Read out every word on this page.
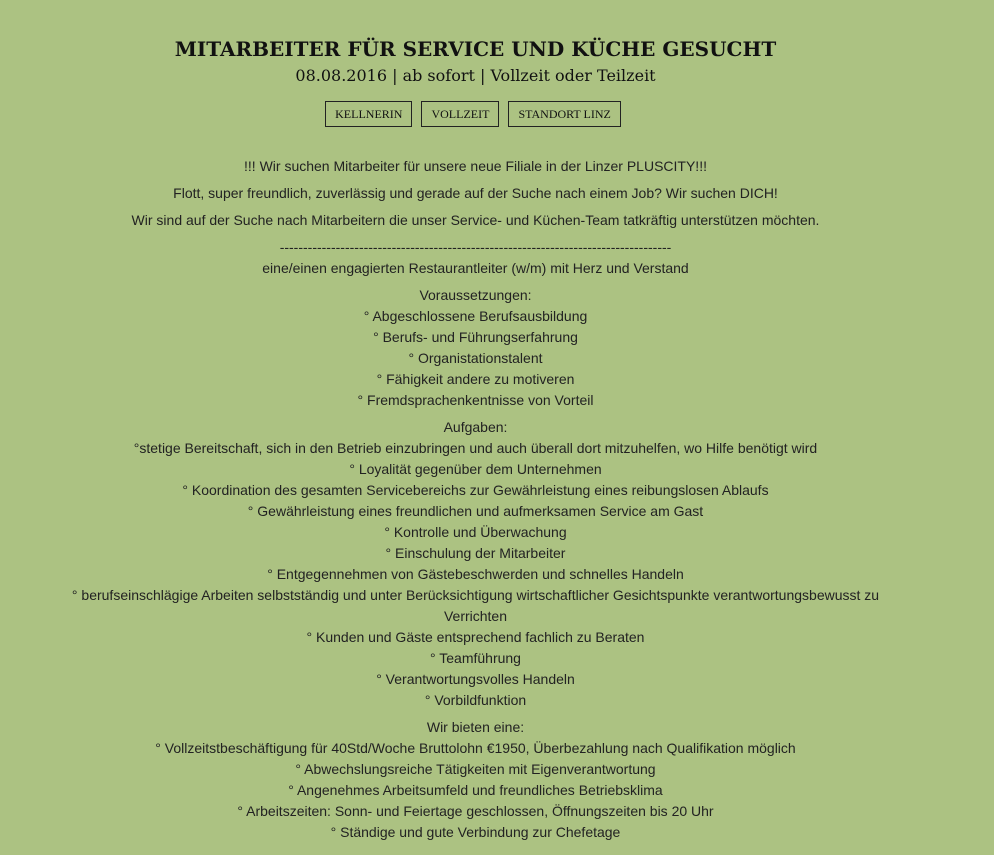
MITARBEITER FÜR SERVICE UND KÜCHE GESUCHT
08.08.2016 | ab sofort | Vollzeit oder Teilzeit
KELLNERIN	VOLLZEIT	STANDORT LINZ

!!! Wir suchen Mitarbeiter für unsere neue Filiale in der Linzer PLUSCITY!!!

Flott, super freundlich, zuverlässig und gerade auf der Suche nach einem Job? Wir suchen DICH!

Wir sind auf der Suche nach Mitarbeitern die unser Service- und Küchen-Team tatkräftig unterstützen möchten.

------------------------------------------------------------------------------------

eine/einen engagierten Restaurantleiter (w/m) mit Herz und Verstand

Voraussetzungen:

° Abgeschlossene Berufsausbildung

° Berufs- und Führungserfahrung

° Organistationstalent

° Fähigkeit andere zu motiveren

° Fremdsprachenkentnisse von Vorteil

Aufgaben:

°stetige Bereitschaft, sich in den Betrieb einzubringen und auch überall dort mitzuhelfen, wo Hilfe benötigt wird

° Loyalität gegenüber dem Unternehmen

° Koordination des gesamten Servicebereichs zur Gewährleistung eines reibungslosen Ablaufs

° Gewährleistung eines freundlichen und aufmerksamen Service am Gast

° Kontrolle und Überwachung

° Einschulung der Mitarbeiter

° Entgegennehmen von Gästebeschwerden und schnelles Handeln

° berufseinschlägige Arbeiten selbstständig und unter Berücksichtigung wirtschaftlicher Gesichtspunkte verantwortungsbewusst zu Verrichten

° Kunden und Gäste entsprechend fachlich zu Beraten

° Teamführung

° Verantwortungsvolles Handeln

° Vorbildfunktion

Wir bieten eine:

° Vollzeitstbeschäftigung für 40Std/Woche Bruttolohn €1950, Überbezahlung nach Qualifikation möglich

° Abwechslungsreiche Tätigkeiten mit Eigenverantwortung

° Angenehmes Arbeitsumfeld und freundliches Betriebsklima

° Arbeitszeiten: Sonn- und Feiertage geschlossen, Öffnungszeiten bis 20 Uhr

° Ständige und gute Verbindung zur Chefetage
